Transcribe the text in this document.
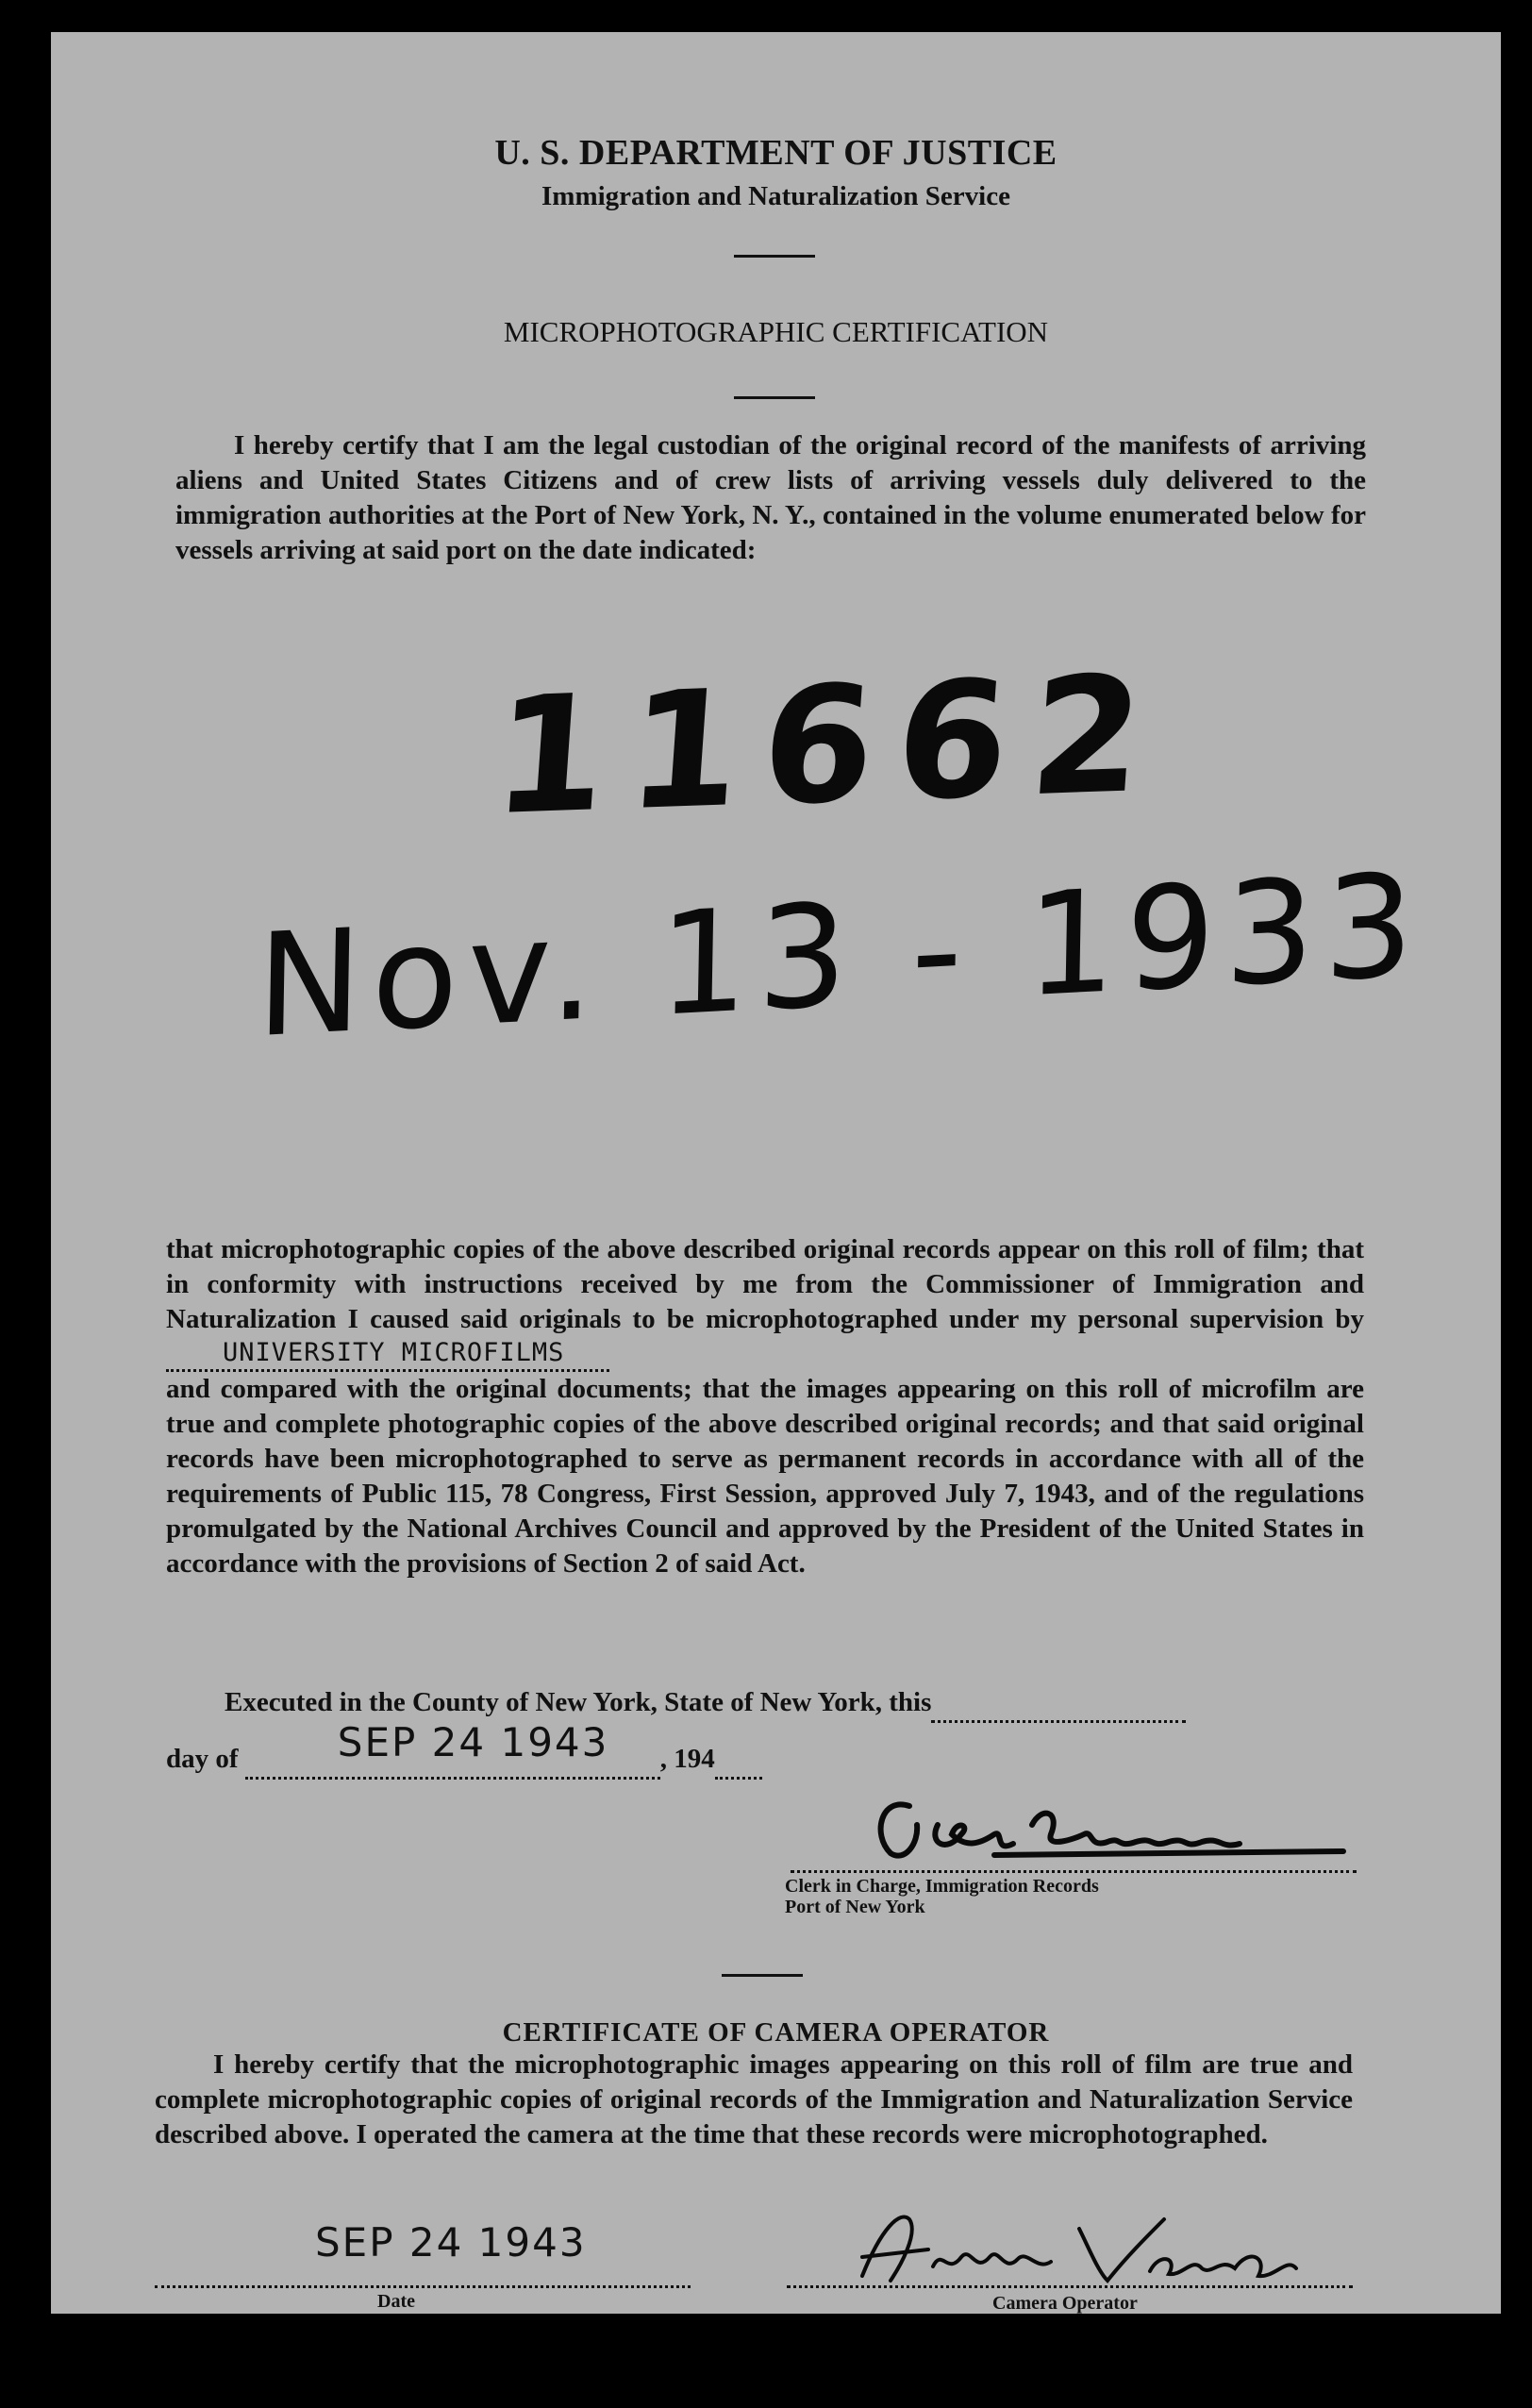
U. S. DEPARTMENT OF JUSTICE
Immigration and Naturalization Service
MICROPHOTOGRAPHIC CERTIFICATION
I hereby certify that I am the legal custodian of the original record of the manifests of arriving aliens and United States Citizens and of crew lists of arriving vessels duly delivered to the immigration authorities at the Port of New York, N. Y., contained in the volume enumerated below for vessels arriving at said port on the date indicated:
11662
Nov. 13 - 1933

that microphotographic copies of the above described original records appear on this roll of film; that in conformity with instructions received by me from the Commissioner of Immigration and Naturalization I caused said originals to be microphotographed under my personal supervision by
UNIVERSITY MICROFILMS

and compared with the original documents; that the images appearing on this roll of microfilm are true and complete photographic copies of the above described original records; and that said original records have been microphotographed to serve as permanent records in accordance with all of the requirements of Public 115, 78 Congress, First Session, approved July 7, 1943, and of the regulations promulgated by the National Archives Council and approved by the President of the United States in accordance with the provisions of Section 2 of said Act.

Executed in the County of New York, State of New York, this
day of	SEP 24 1943 , 194
Clerk in Charge, Immigration Records
Port of New York
CERTIFICATE OF CAMERA OPERATOR
I hereby certify that the microphotographic images appearing on this roll of film are true and complete microphotographic copies of original records of the Immigration and Naturalization Service described above. I operated the camera at the time that these records were microphotographed.
SEP 24 1943
Date	Camera Operator
